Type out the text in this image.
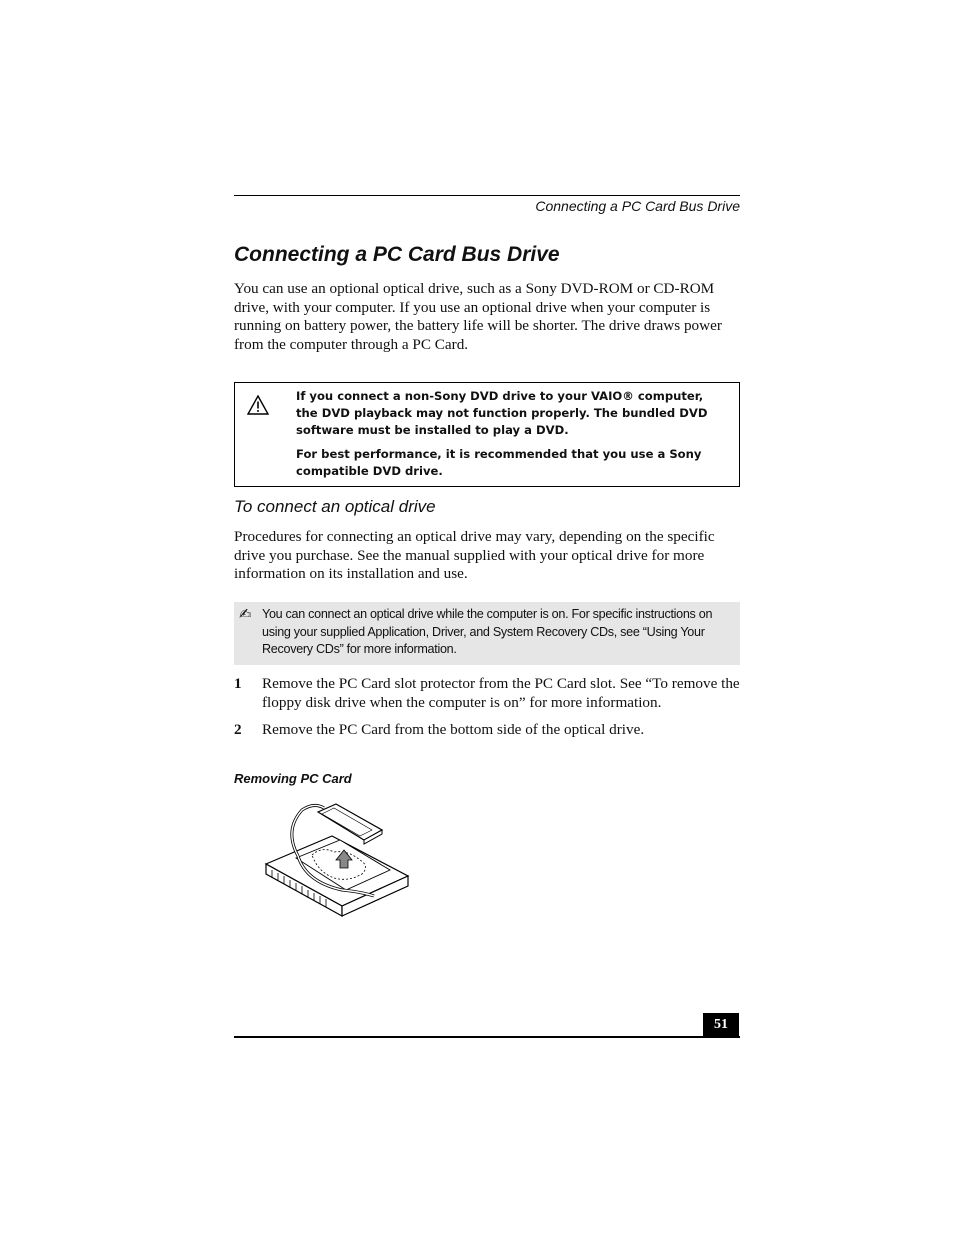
Connecting a PC Card Bus Drive
Connecting a PC Card Bus Drive

You can use an optional optical drive, such as a Sony DVD-ROM or CD-ROM drive, with your computer. If you use an optional drive when your computer is running on battery power, the battery life will be shorter. The drive draws power from the computer through a PC Card.

If you connect a non-Sony DVD drive to your VAIO® computer, the DVD playback may not function properly. The bundled DVD software must be installed to play a DVD.

For best performance, it is recommended that you use a Sony compatible DVD drive.

To connect an optical drive

Procedures for connecting an optical drive may vary, depending on the specific drive you purchase. See the manual supplied with your optical drive for more information on its installation and use.

✍ You can connect an optical drive while the computer is on. For specific instructions on using your supplied Application, Driver, and System Recovery CDs, see “Using Your Recovery CDs” for more information.

1 Remove the PC Card slot protector from the PC Card slot. See “To remove the floppy disk drive when the computer is on” for more information.
2 Remove the PC Card from the bottom side of the optical drive.
Removing PC Card
51
